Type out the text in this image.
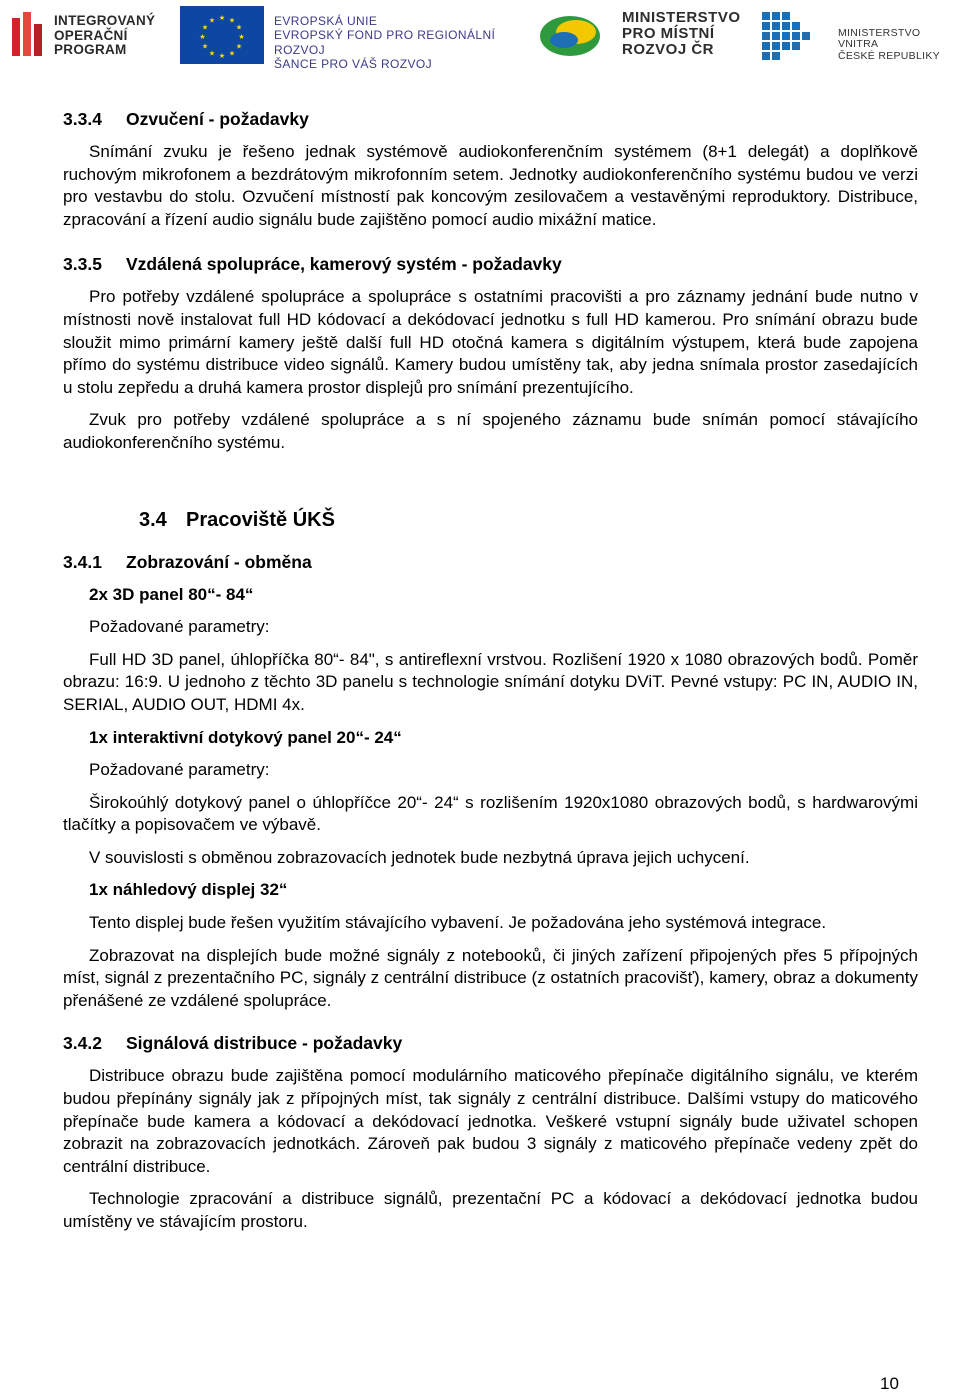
INTEGROVANÝ
OPERAČNÍ
PROGRAM
★ ★
★
★
★
★
★
★
★
★
★
★	EVROPSKÁ UNIE
EVROPSKÝ FOND PRO REGIONÁLNÍ ROZVOJ
ŠANCE PRO VÁŠ ROZVOJ
MINISTERSTVO
PRO MÍSTNÍ
ROZVOJ ČR
MINISTERSTVO VNITRA
ČESKÉ REPUBLIKY
3.3.4 Ozvučení - požadavky

Snímání zvuku je řešeno jednak systémově audiokonferenčním systémem (8+1 delegát) a doplňkově ruchovým mikrofonem a bezdrátovým mikrofonním setem. Jednotky audiokonferenčního systému budou ve verzi pro vestavbu do stolu. Ozvučení místností pak koncovým zesilovačem a vestavěnými reproduktory. Distribuce, zpracování a řízení audio signálu bude zajištěno pomocí audio mixážní matice.

3.3.5 Vzdálená spolupráce, kamerový systém - požadavky

Pro potřeby vzdálené spolupráce a spolupráce s ostatními pracovišti a pro záznamy jednání bude nutno v místnosti nově instalovat full HD kódovací a dekódovací jednotku s full HD kamerou. Pro snímání obrazu bude sloužit mimo primární kamery ještě další full HD otočná kamera s digitálním výstupem, která bude zapojena přímo do systému distribuce video signálů. Kamery budou umístěny tak, aby jedna snímala prostor zasedajících u stolu zepředu a druhá kamera prostor displejů pro snímání prezentujícího.

Zvuk pro potřeby vzdálené spolupráce a s ní spojeného záznamu bude snímán pomocí stávajícího audiokonferenčního systému.

3.4 Pracoviště ÚKŠ
3.4.1 Zobrazování - obměna
2x 3D panel 80“- 84“
Požadované parametry:

Full HD 3D panel, úhlopříčka 80“- 84", s antireflexní vrstvou. Rozlišení 1920 x 1080 obrazových bodů. Poměr obrazu: 16:9. U jednoho z těchto 3D panelu s technologie snímání dotyku DViT. Pevné vstupy: PC IN, AUDIO IN, SERIAL, AUDIO OUT, HDMI 4x.

1x interaktivní dotykový panel 20“- 24“
Požadované parametry:

Širokoúhlý dotykový panel o úhlopříčce 20“- 24“ s rozlišením 1920x1080 obrazových bodů, s hardwarovými tlačítky a popisovačem ve výbavě.

V souvislosti s obměnou zobrazovacích jednotek bude nezbytná úprava jejich uchycení.

1x náhledový displej 32“

Tento displej bude řešen využitím stávajícího vybavení. Je požadována jeho systémová integrace.

Zobrazovat na displejích bude možné signály z notebooků, či jiných zařízení připojených přes 5 přípojných míst, signál z prezentačního PC, signály z centrální distribuce (z ostatních pracovišť), kamery, obraz a dokumenty přenášené ze vzdálené spolupráce.

3.4.2 Signálová distribuce - požadavky

Distribuce obrazu bude zajištěna pomocí modulárního maticového přepínače digitálního signálu, ve kterém budou přepínány signály jak z přípojných míst, tak signály z centrální distribuce. Dalšími vstupy do maticového přepínače bude kamera a kódovací a dekódovací jednotka. Veškeré vstupní signály bude uživatel schopen zobrazit na zobrazovacích jednotkách. Zároveň pak budou 3 signály z maticového přepínače vedeny zpět do centrální distribuce.

Technologie zpracování a distribuce signálů, prezentační PC a kódovací a dekódovací jednotka budou umístěny ve stávajícím prostoru.

10
